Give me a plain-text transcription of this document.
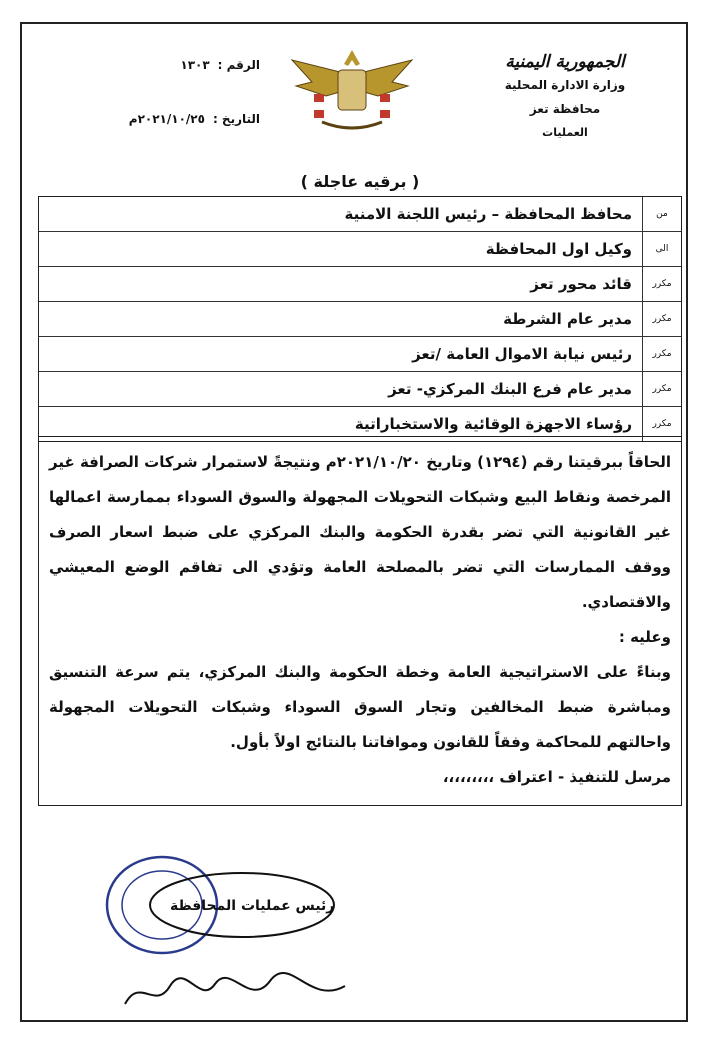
الجمهورية اليمنية
وزارة الادارة المحلية
محافظة تعز
العمليات
الرقم :
١٣٠٣
التاريخ :
٢٠٢١/١٠/٢٥م
( برقيه عاجلة )
من
محافظ المحافظة – رئيس اللجنة الامنية
الى
وكيل اول المحافظة
مكرر
قائد محور تعز
مكرر
مدير عام الشرطة
مكرر
رئيس نيابة الاموال العامة /تعز
مكرر
مدير عام فرع البنك المركزي- تعز
مكرر
رؤساء الاجهزة الوقائية والاستخباراتية

الحاقاً ببرقيتنا رقم (١٢٩٤) وتاريخ ٢٠٢١/١٠/٢٠م ونتيجةً لاستمرار شركات الصرافة غير المرخصة ونقاط البيع وشبكات التحويلات المجهولة والسوق السوداء بممارسة اعمالها غير القانونية التي تضر بقدرة الحكومة والبنك المركزي على ضبط اسعار الصرف ووقف الممارسات التي تضر بالمصلحة العامة وتؤدي الى تفاقم الوضع المعيشي والاقتصادي.

وعليه :

وبناءً على الاستراتيجية العامة وخطة الحكومة والبنك المركزي، يتم سرعة التنسيق ومباشرة ضبط المخالفين وتجار السوق السوداء وشبكات التحويلات المجهولة واحالتهم للمحاكمة وفقاً للقانون وموافاتنا بالنتائج اولاً بأول.

مرسل للتنفيذ - اعتراف ،،،،،،،،،

رئيس عمليات المحافظة
